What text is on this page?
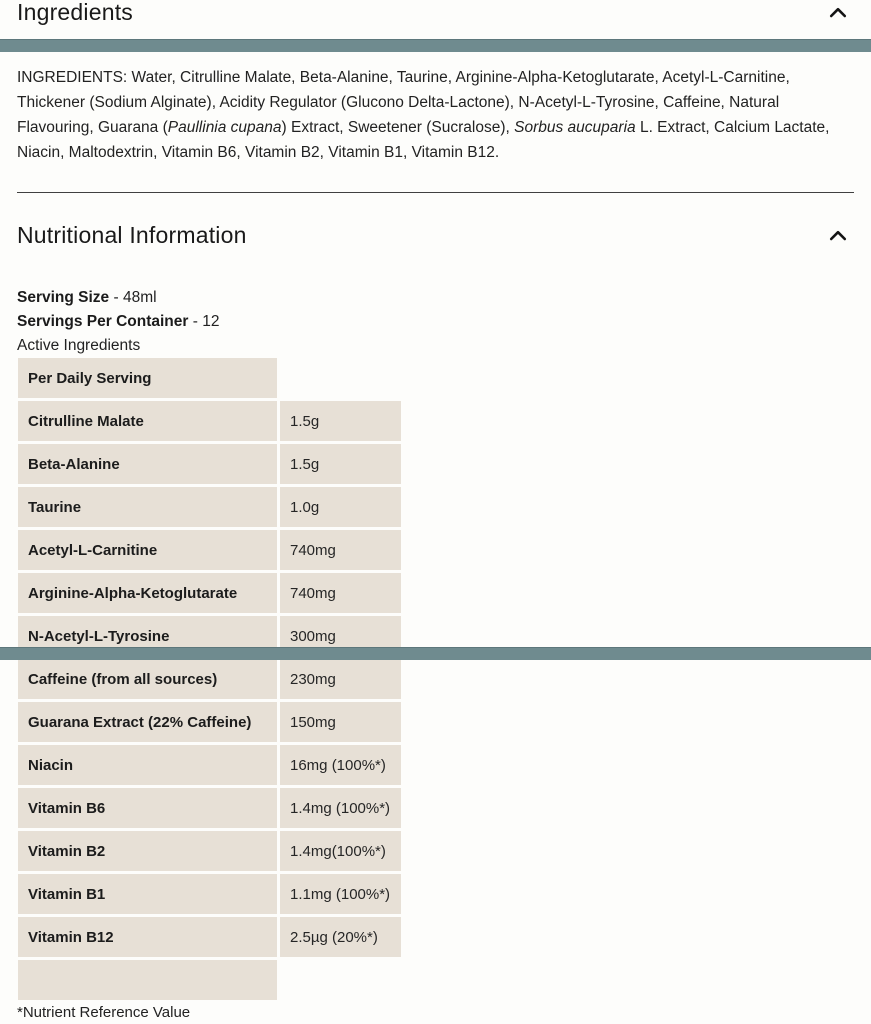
Ingredients

INGREDIENTS: Water, Citrulline Malate, Beta-Alanine, Taurine, Arginine-Alpha-Ketoglutarate, Acetyl-L-Carnitine, Thickener (Sodium Alginate), Acidity Regulator (Glucono Delta-Lactone), N-Acetyl-L-Tyrosine, Caffeine, Natural Flavouring, Guarana (Paullinia cupana) Extract, Sweetener (Sucralose), Sorbus aucuparia L. Extract, Calcium Lactate, Niacin, Maltodextrin, Vitamin B6, Vitamin B2, Vitamin B1, Vitamin B12.

Nutritional Information

Serving Size - 48ml

Servings Per Container - 12

Active Ingredients

Per Daily Serving
Citrulline Malate	1.5g
Beta-Alanine	1.5g
Taurine	1.0g
Acetyl-L-Carnitine	740mg
Arginine-Alpha-Ketoglutarate	740mg
N-Acetyl-L-Tyrosine	300mg
Caffeine (from all sources)	230mg
Guarana Extract (22% Caffeine)	150mg
Niacin	16mg (100%*)
Vitamin B6	1.4mg (100%*)
Vitamin B2	1.4mg(100%*)
Vitamin B1	1.1mg (100%*)
Vitamin B12	2.5µg (20%*)

*Nutrient Reference Value
